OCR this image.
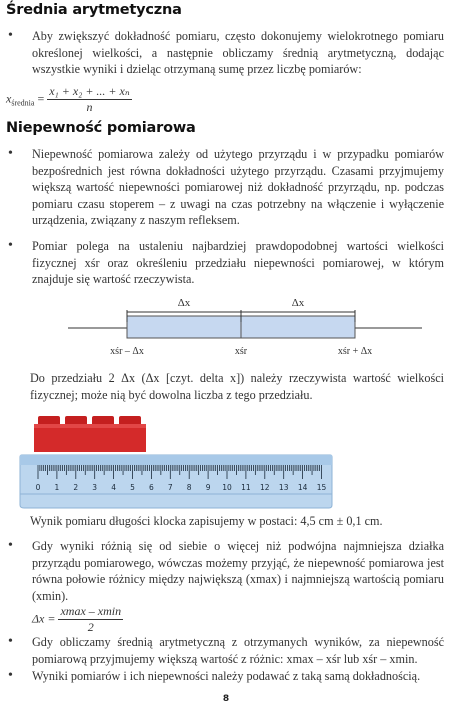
Średnia arytmetyczna
• Aby zwiększyć dokładność pomiaru, często dokonujemy wielokrotnego pomiaru określonej wielkości, a następnie obliczamy średnią arytmetyczną, dodając wszystkie wyniki i dzieląc otrzymaną sumę przez liczbę pomiarów:
$x_{średnia} = \frac{\text{x₁ + x₂ + ... + xₙ}}{n}$
Niepewność pomiarowa
• Niepewność pomiarowa zależy od użytego przyrządu i w przypadku pomiarów bezpośrednich jest równa dokładności użytego przyrządu. Czasami przyjmujemy większą wartość niepewności pomiarowej niż dokładność przyrządu, np. podczas pomiaru czasu stoperem – z uwagi na czas potrzebny na włączenie i wyłączenie urządzenia, związany z naszym refleksem.
• Pomiar polega na ustaleniu najbardziej prawdopodobnej wartości wielkości fizycznej xśr oraz określeniu przedziału niepewności pomiarowej, w którym znajduje się wartość rzeczywista.
Δx	Δx
xśr – Δx	xśr	xśr + Δx
Do przedziału 2 Δx (Δx [czyt. delta x]) należy rzeczywista wartość wielkości fizycznej; może nią być dowolna liczba z tego przedziału.
0 1 2 3 4 5 6 7 8 9 10 11 12 13 14 15
Wynik pomiaru długości klocka zapisujemy w postaci: 4,5 cm ± 0,1 cm.
• Gdy wyniki różnią się od siebie o więcej niż podwójna najmniejsza działka przyrządu pomiarowego, wówczas możemy przyjąć, że niepewność pomiarowa jest równa połowie różnicy między największą (xmax) i najmniejszą wartością pomiaru (xmin).
$\Delta x = \frac{xmax - xmin}{2}$
• Gdy obliczamy średnią arytmetyczną z otrzymanych wyników, za niepewność pomiarową przyjmujemy większą wartość z różnic: xmax – xśr lub xśr – xmin.
• Wyniki pomiarów i ich niepewności należy podawać z taką samą dokładnością.
8
